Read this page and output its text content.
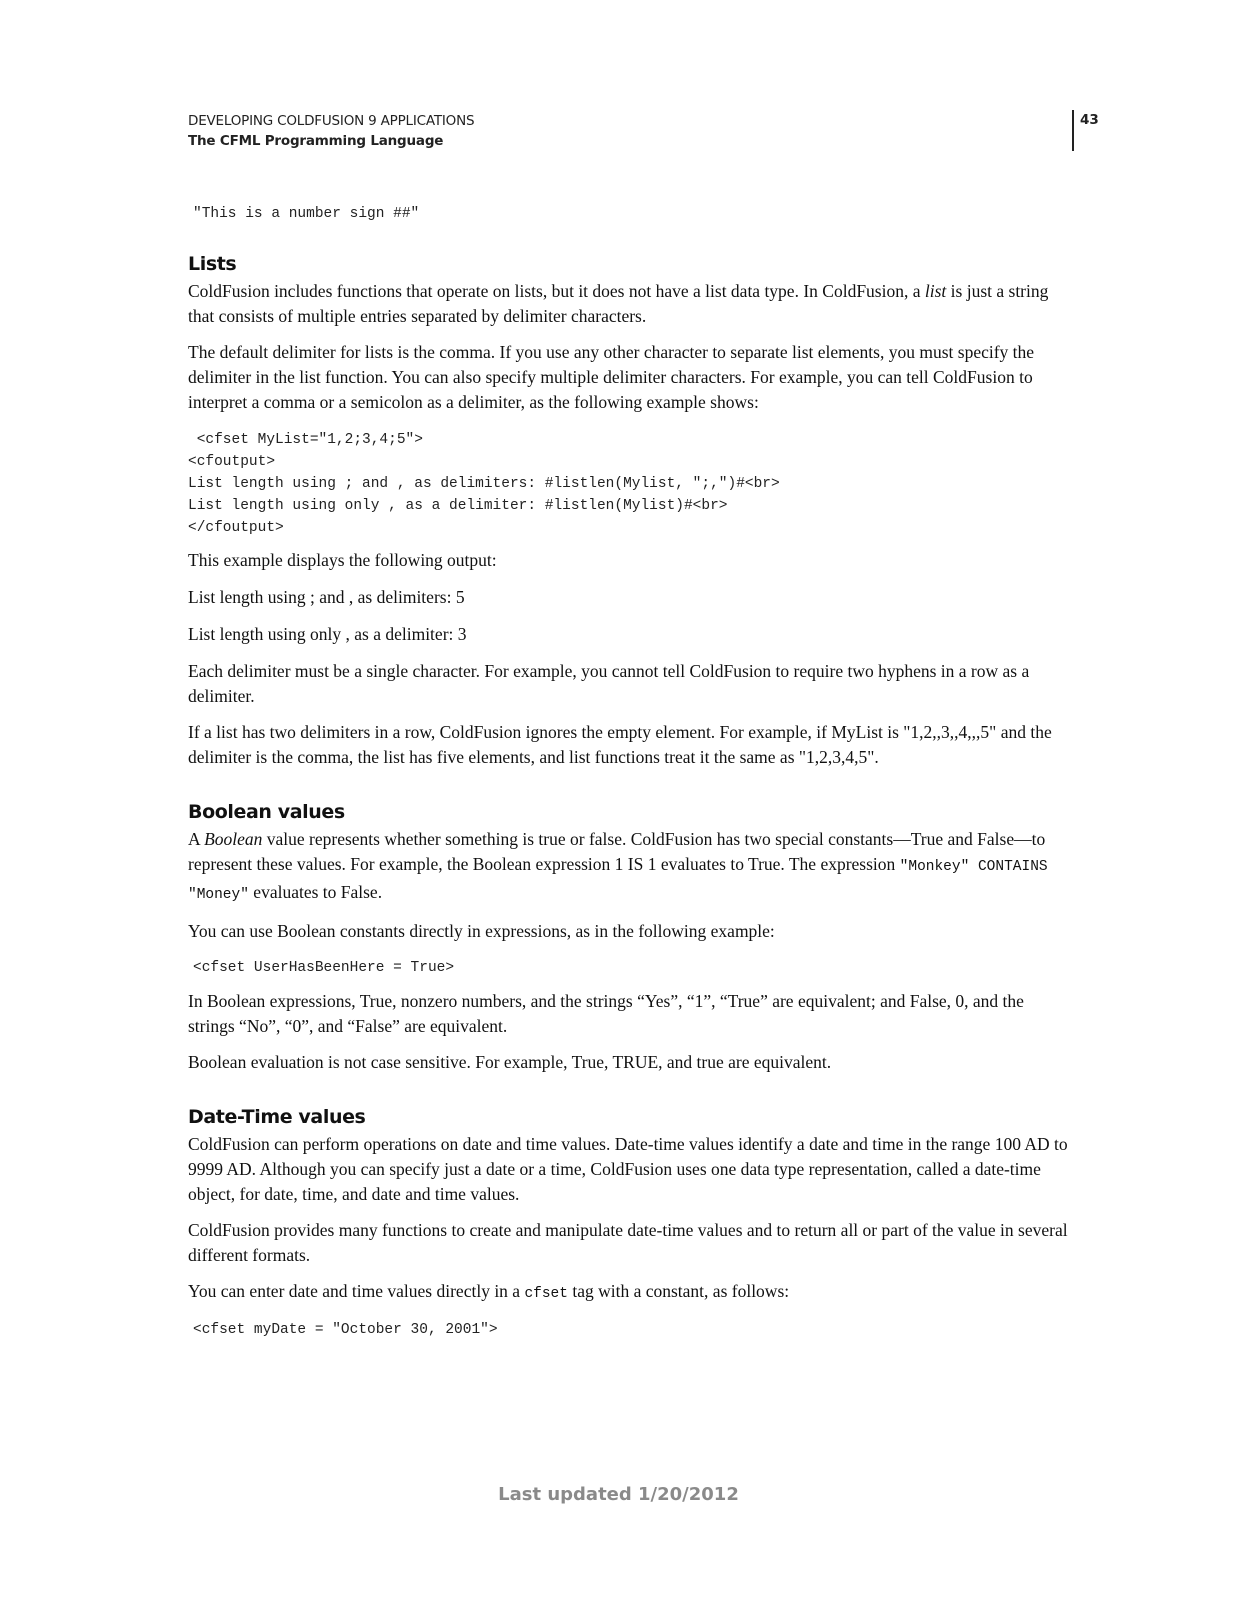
DEVELOPING COLDFUSION 9 APPLICATIONS
The CFML Programming Language
43
"This is a number sign ##"
Lists

ColdFusion includes functions that operate on lists, but it does not have a list data type. In ColdFusion, a list is just a string that consists of multiple entries separated by delimiter characters.

The default delimiter for lists is the comma. If you use any other character to separate list elements, you must specify the delimiter in the list function. You can also specify multiple delimiter characters. For example, you can tell ColdFusion to interpret a comma or a semicolon as a delimiter, as the following example shows:

<cfset MyList="1,2;3,4;5">
<cfoutput>
List length using ; and , as delimiters: #listlen(Mylist, ";,")#<br>
List length using only , as a delimiter: #listlen(Mylist)#<br>
</cfoutput>

This example displays the following output:

List length using ; and , as delimiters: 5

List length using only , as a delimiter: 3

Each delimiter must be a single character. For example, you cannot tell ColdFusion to require two hyphens in a row as a delimiter.

If a list has two delimiters in a row, ColdFusion ignores the empty element. For example, if MyList is "1,2,,3,,4,,,5" and the delimiter is the comma, the list has five elements, and list functions treat it the same as "1,2,3,4,5".

Boolean values

A Boolean value represents whether something is true or false. ColdFusion has two special constants—True and False—to represent these values. For example, the Boolean expression 1 IS 1 evaluates to True. The expression "Monkey" CONTAINS "Money" evaluates to False.

You can use Boolean constants directly in expressions, as in the following example:

<cfset UserHasBeenHere = True>

In Boolean expressions, True, nonzero numbers, and the strings “Yes”, “1”, “True” are equivalent; and False, 0, and the strings “No”, “0”, and “False” are equivalent.

Boolean evaluation is not case sensitive. For example, True, TRUE, and true are equivalent.

Date-Time values

ColdFusion can perform operations on date and time values. Date-time values identify a date and time in the range 100 AD to 9999 AD. Although you can specify just a date or a time, ColdFusion uses one data type representation, called a date-time object, for date, time, and date and time values.

ColdFusion provides many functions to create and manipulate date-time values and to return all or part of the value in several different formats.

You can enter date and time values directly in a cfset tag with a constant, as follows:

<cfset myDate = "October 30, 2001">
Last updated 1/20/2012
